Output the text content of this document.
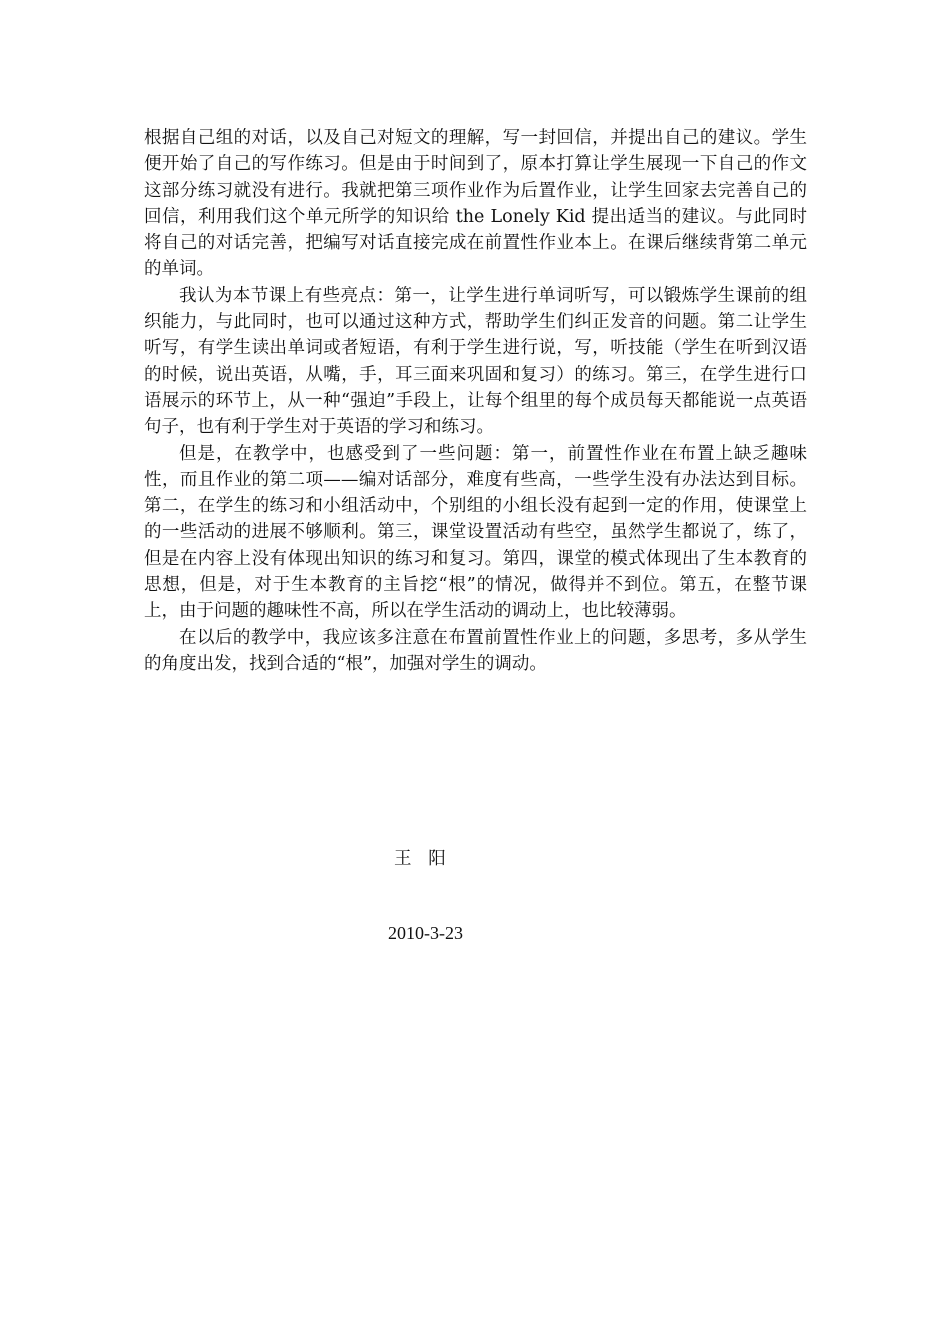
根据自己组的对话，以及自己对短文的理解，写一封回信，并提出自己的建议。学生便开始了自己的写作练习。但是由于时间到了，原本打算让学生展现一下自己的作文这部分练习就没有进行。我就把第三项作业作为后置作业，让学生回家去完善自己的回信，利用我们这个单元所学的知识给 the Lonely Kid 提出适当的建议。与此同时将自己的对话完善，把编写对话直接完成在前置性作业本上。在课后继续背第二单元的单词。

我认为本节课上有些亮点：第一，让学生进行单词听写，可以锻炼学生课前的组织能力，与此同时，也可以通过这种方式，帮助学生们纠正发音的问题。第二让学生听写，有学生读出单词或者短语，有利于学生进行说，写，听技能（学生在听到汉语的时候，说出英语，从嘴，手，耳三面来巩固和复习）的练习。第三，在学生进行口语展示的环节上，从一种“强迫”手段上，让每个组里的每个成员每天都能说一点英语句子，也有利于学生对于英语的学习和练习。

但是，在教学中，也感受到了一些问题：第一，前置性作业在布置上缺乏趣味性，而且作业的第二项——编对话部分，难度有些高，一些学生没有办法达到目标。第二，在学生的练习和小组活动中，个别组的小组长没有起到一定的作用，使课堂上的一些活动的进展不够顺利。第三，课堂设置活动有些空，虽然学生都说了，练了，但是在内容上没有体现出知识的练习和复习。第四，课堂的模式体现出了生本教育的思想，但是，对于生本教育的主旨挖“根”的情况，做得并不到位。第五，在整节课上，由于问题的趣味性不高，所以在学生活动的调动上，也比较薄弱。

在以后的教学中，我应该多注意在布置前置性作业上的问题，多思考，多从学生的角度出发，找到合适的“根”，加强对学生的调动。

王   阳
2010-3-23
